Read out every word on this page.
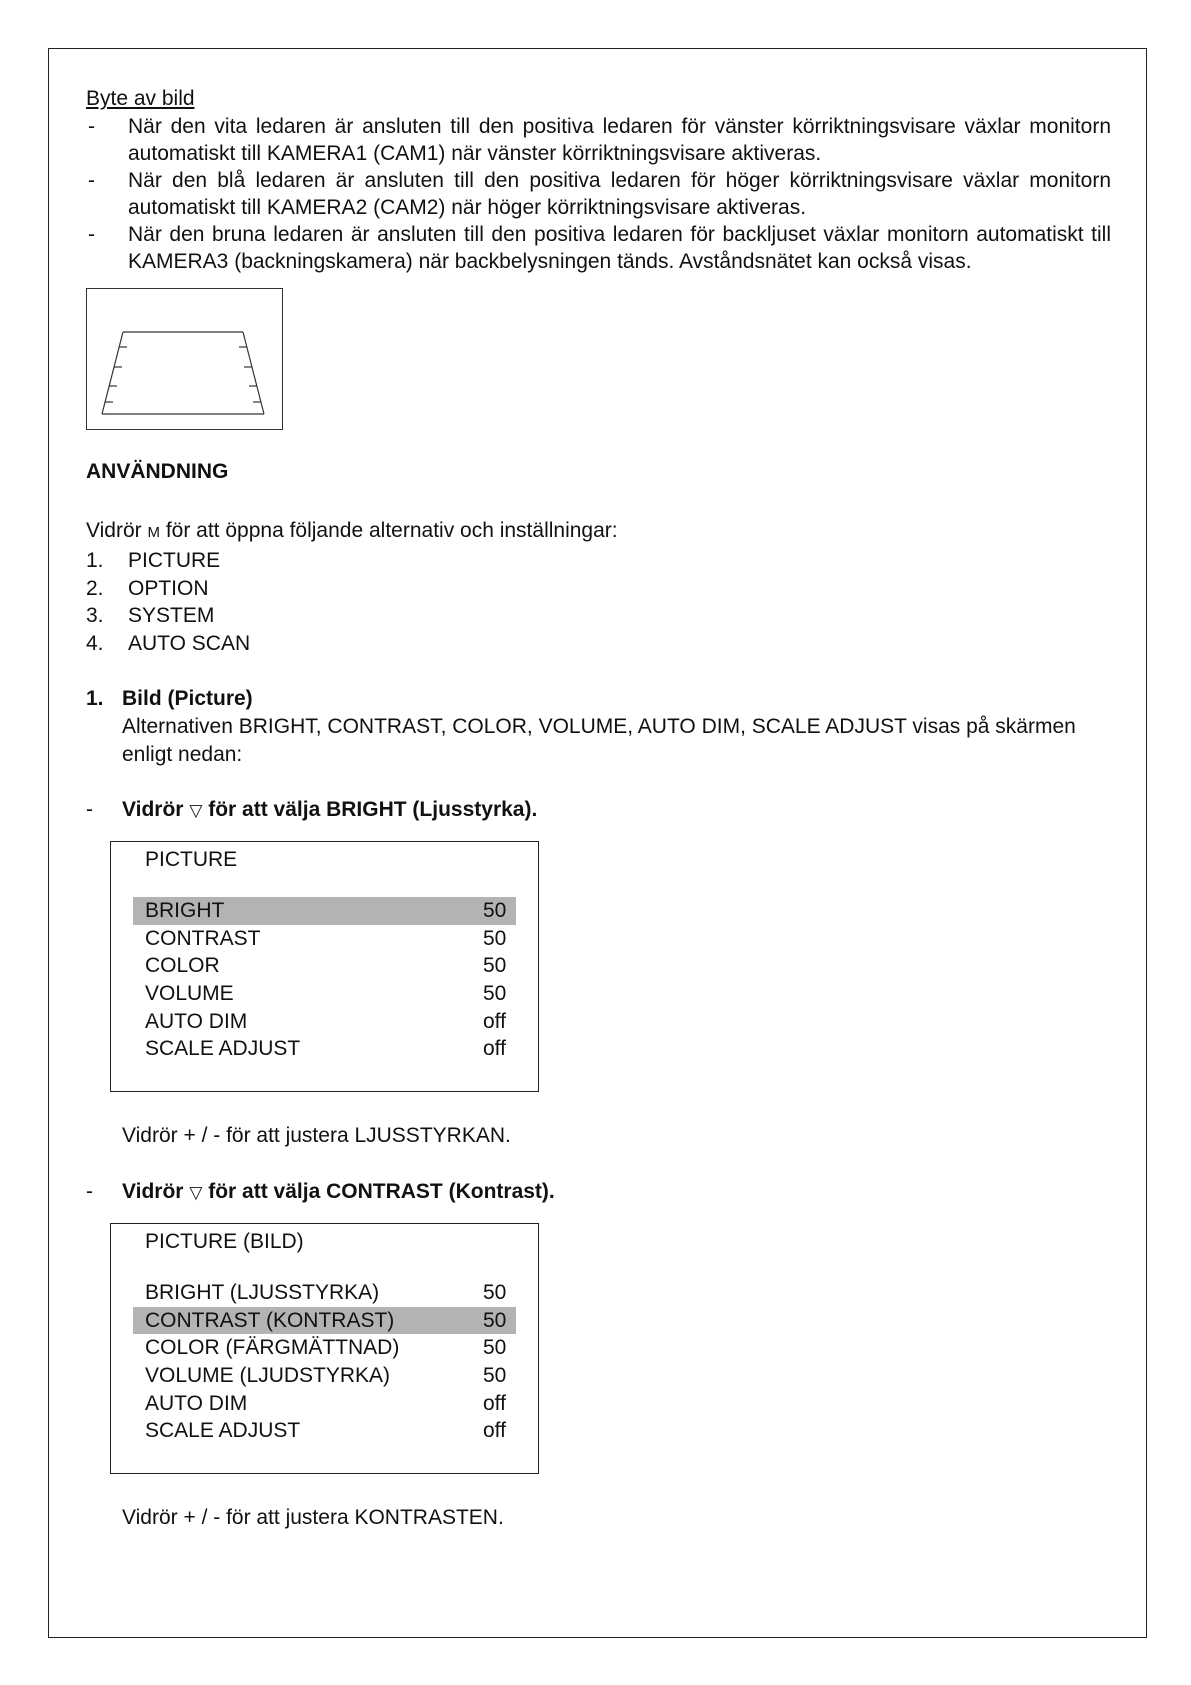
Byte av bild

- När den vita ledaren är ansluten till den positiva ledaren för vänster körriktningsvisare växlar monitorn automatiskt till KAMERA1 (CAM1) när vänster körriktningsvisare aktiveras.
- När den blå ledaren är ansluten till den positiva ledaren för höger körriktningsvisare växlar monitorn automatiskt till KAMERA2 (CAM2) när höger körriktningsvisare aktiveras.
- När den bruna ledaren är ansluten till den positiva ledaren för backljuset växlar monitorn automatiskt till KAMERA3 (backningskamera) när backbelysningen tänds. Avståndsnätet kan också visas.

ANVÄNDNING

Vidrör M för att öppna följande alternativ och inställningar:

1. PICTURE
2. OPTION
3. SYSTEM
4. AUTO SCAN
1. Bild (Picture)
Alternativen BRIGHT, CONTRAST, COLOR, VOLUME, AUTO DIM, SCALE ADJUST visas på skärmen enligt nedan:
- Vidrör ▽ för att välja BRIGHT (Ljusstyrka).
PICTURE
BRIGHT	50
CONTRAST	50
COLOR	50
VOLUME	50
AUTO DIM	off
SCALE ADJUST	off
Vidrör + / - för att justera LJUSSTYRKAN.
- Vidrör ▽ för att välja CONTRAST (Kontrast).
PICTURE (BILD)
BRIGHT (LJUSSTYRKA)	50
CONTRAST (KONTRAST)	50
COLOR (FÄRGMÄTTNAD)	50
VOLUME (LJUDSTYRKA)	50
AUTO DIM	off
SCALE ADJUST	off
Vidrör + / - för att justera KONTRASTEN.
